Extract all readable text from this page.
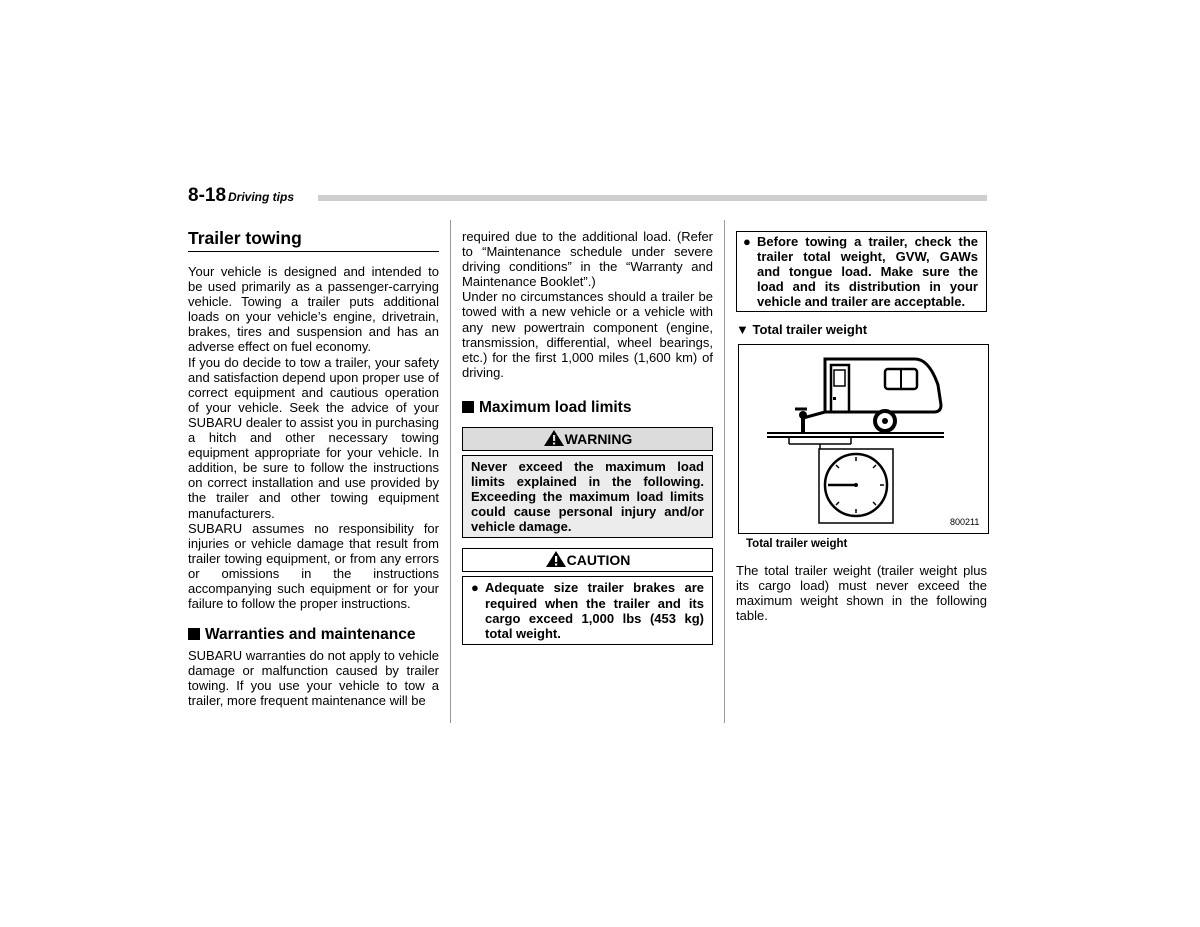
8-18 Driving tips
Trailer towing

Your vehicle is designed and intended to be used primarily as a passenger-carrying vehicle. Towing a trailer puts additional loads on your vehicle’s engine, drivetrain, brakes, tires and suspension and has an adverse effect on fuel economy.

If you do decide to tow a trailer, your safety and satisfaction depend upon proper use of correct equipment and cautious operation of your vehicle. Seek the advice of your SUBARU dealer to assist you in purchasing a hitch and other necessary towing equipment appropriate for your vehicle. In addition, be sure to follow the instructions on correct installation and use provided by the trailer and other towing equipment manufacturers.

SUBARU assumes no responsibility for injuries or vehicle damage that result from trailer towing equipment, or from any errors or omissions in the instructions accompanying such equipment or for your failure to follow the proper instructions.

Warranties and maintenance

SUBARU warranties do not apply to vehicle damage or malfunction caused by trailer towing. If you use your vehicle to tow a trailer, more frequent maintenance will be

required due to the additional load. (Refer to “Maintenance schedule under severe driving conditions” in the “Warranty and Maintenance Booklet”.)

Under no circumstances should a trailer be towed with a new vehicle or a vehicle with any new powertrain component (engine, transmission, differential, wheel bearings, etc.) for the first 1,000 miles (1,600 km) of driving.

Maximum load limits
WARNING
Never exceed the maximum load limits explained in the following. Exceeding the maximum load limits could cause personal injury and/or vehicle damage.
CAUTION
● Adequate size trailer brakes are required when the trailer and its cargo exceed 1,000 lbs (453 kg) total weight.
● Before towing a trailer, check the trailer total weight, GVW, GAWs and tongue load. Make sure the load and its distribution in your vehicle and trailer are acceptable.
▼ Total trailer weight
800211
Total trailer weight

The total trailer weight (trailer weight plus its cargo load) must never exceed the maximum weight shown in the following table.
